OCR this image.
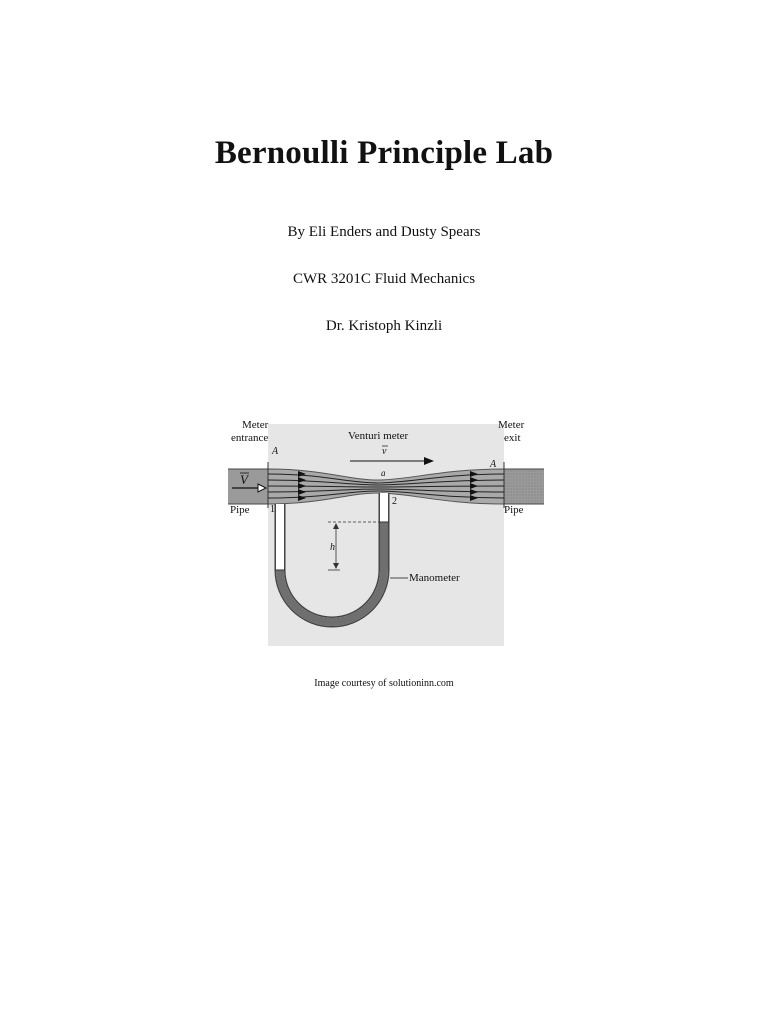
Bernoulli Principle Lab
By Eli Enders and Dusty Spears
CWR 3201C Fluid Mechanics
Dr. Kristoph Kinzli
V
Meter
entrance
Meter
exit
A
A
Venturi meter
v
a
Pipe	Pipe
1
2
h
Manometer
Image courtesy of solutioninn.com
